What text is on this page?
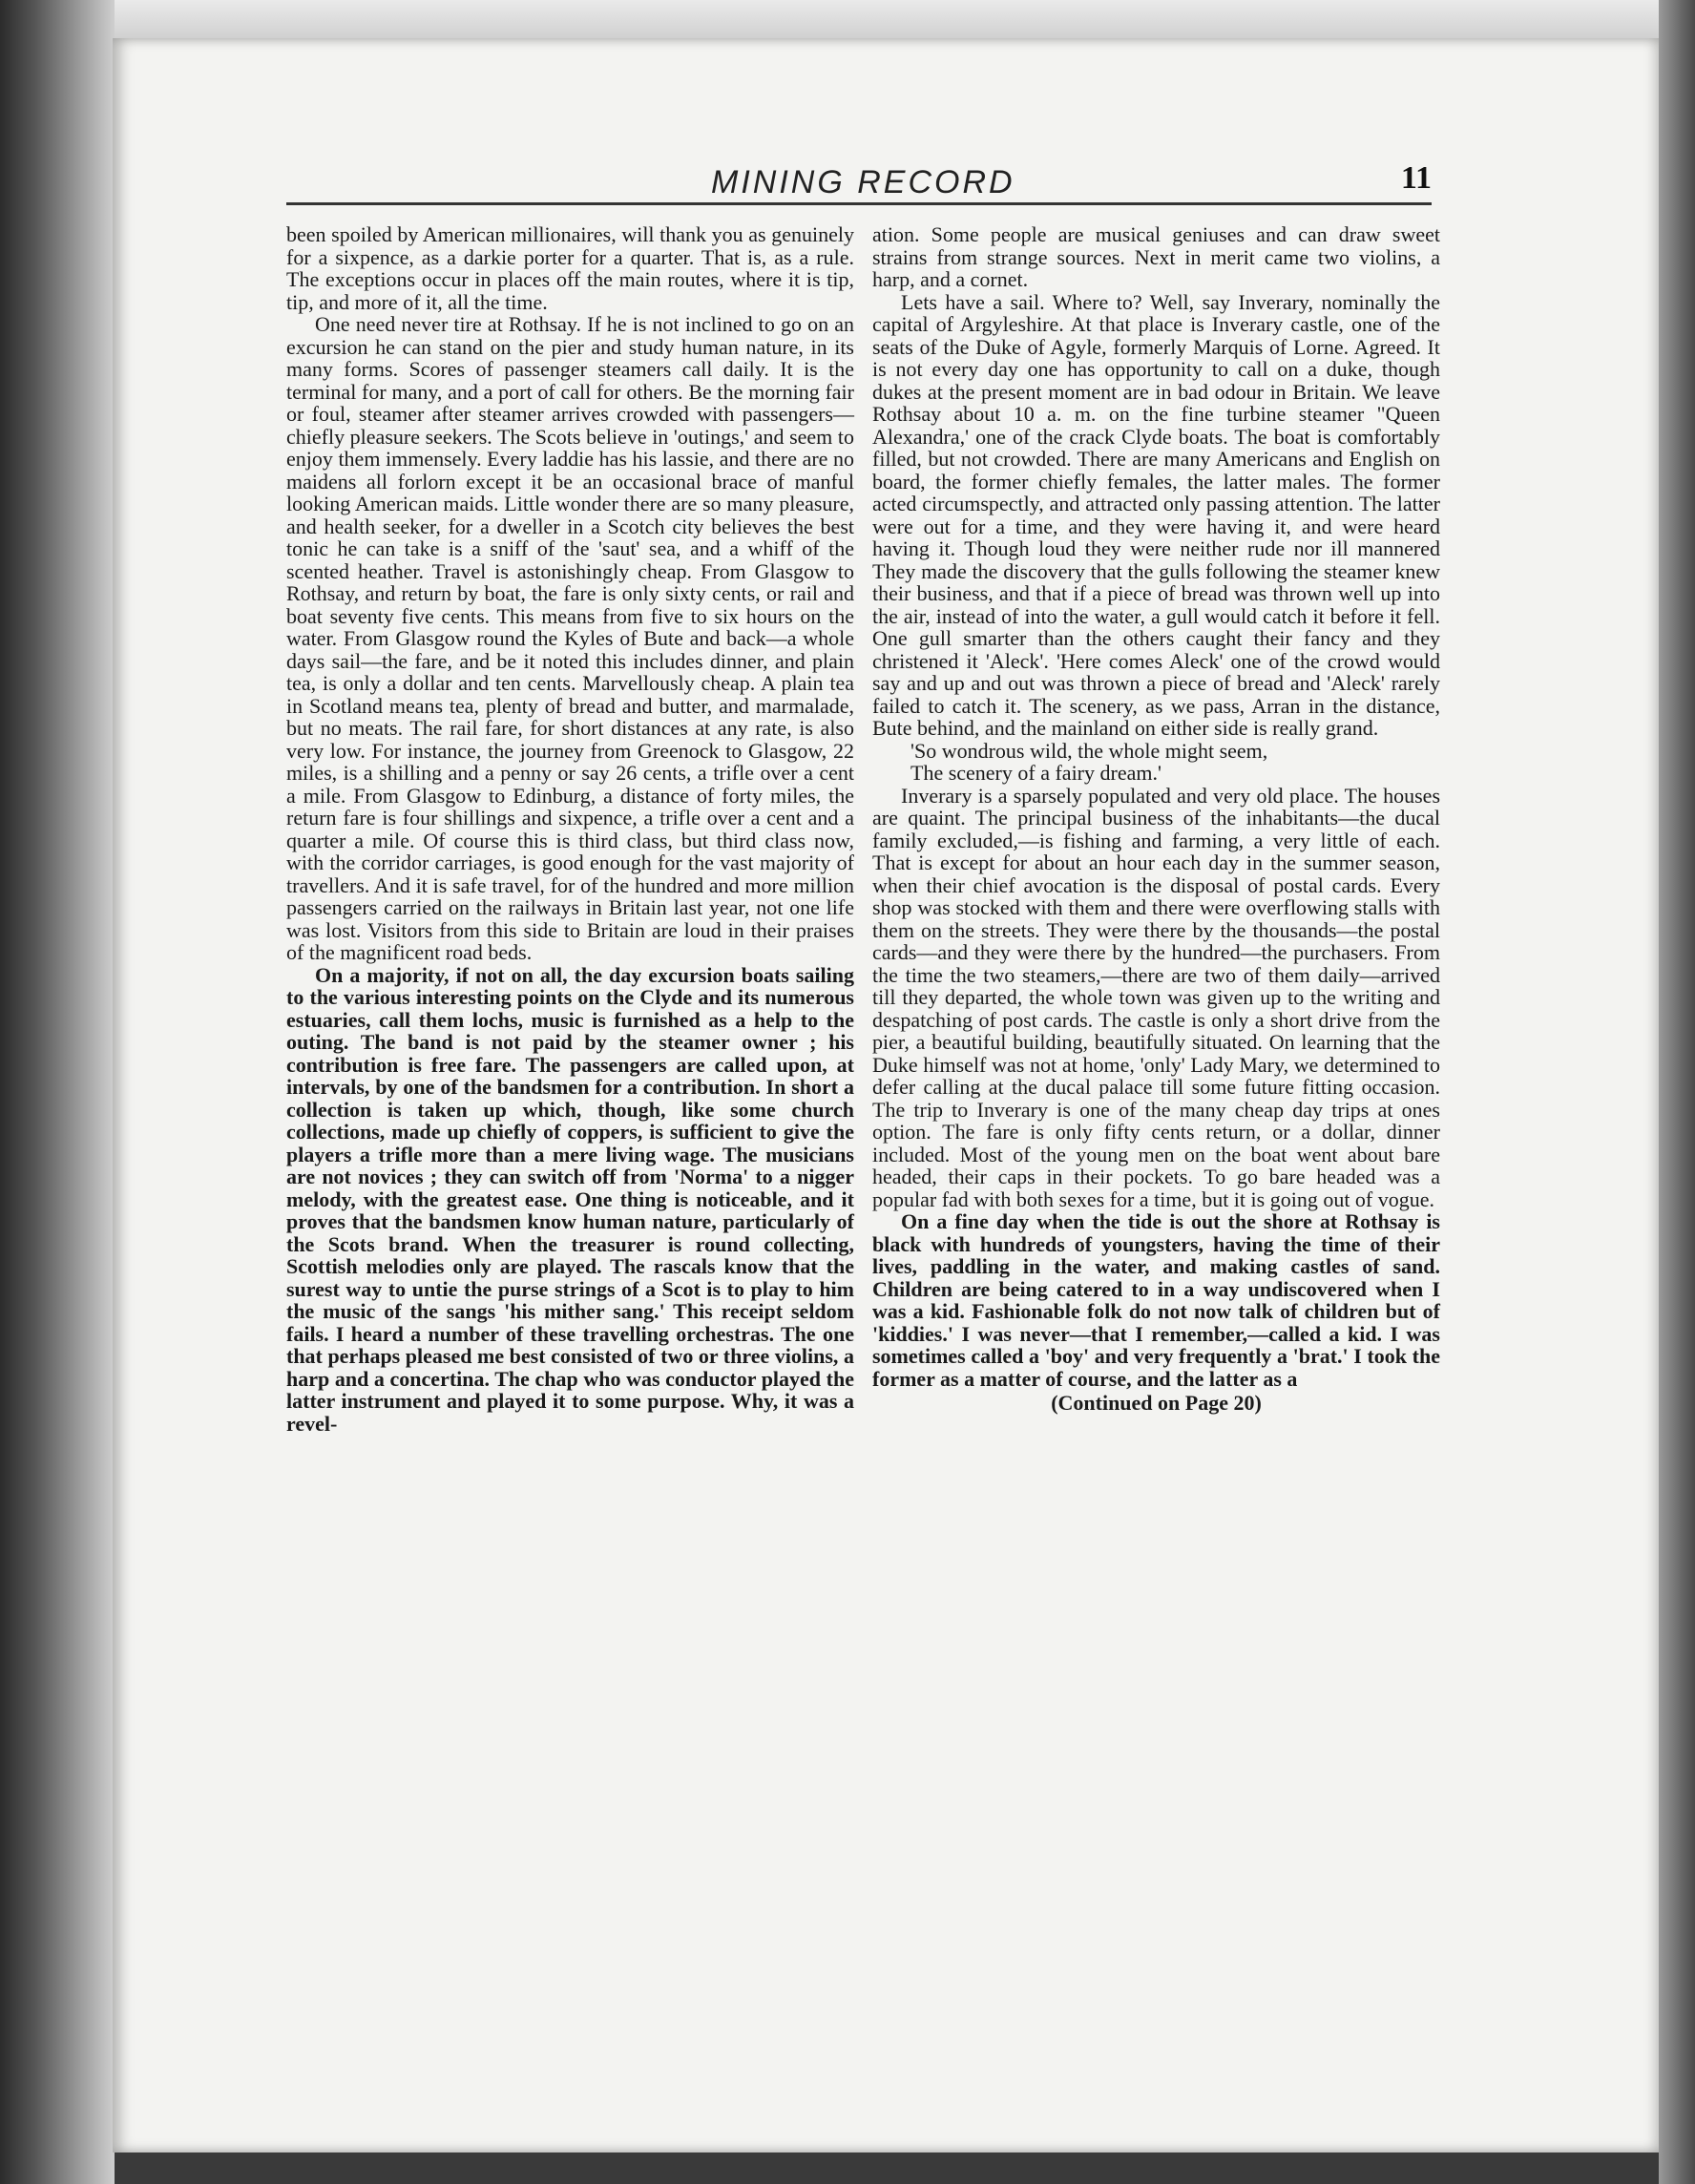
MINING RECORD	11

been spoiled by American millionaires, will thank you as genuinely for a sixpence, as a darkie porter for a quarter. That is, as a rule. The exceptions occur in places off the main routes, where it is tip, tip, and more of it, all the time.

One need never tire at Rothsay. If he is not inclined to go on an excursion he can stand on the pier and study human nature, in its many forms. Scores of passenger steamers call daily. It is the terminal for many, and a port of call for others. Be the morning fair or foul, steamer after steamer arrives crowded with passengers—chiefly pleasure seekers. The Scots believe in 'outings,' and seem to enjoy them immensely. Every laddie has his lassie, and there are no maidens all forlorn except it be an occasional brace of manful looking American maids. Little wonder there are so many pleasure, and health seeker, for a dweller in a Scotch city believes the best tonic he can take is a sniff of the 'saut' sea, and a whiff of the scented heather. Travel is astonishingly cheap. From Glasgow to Rothsay, and return by boat, the fare is only sixty cents, or rail and boat seventy five cents. This means from five to six hours on the water. From Glasgow round the Kyles of Bute and back—a whole days sail—the fare, and be it noted this includes dinner, and plain tea, is only a dollar and ten cents. Marvellously cheap. A plain tea in Scotland means tea, plenty of bread and butter, and marmalade, but no meats. The rail fare, for short distances at any rate, is also very low. For instance, the journey from Greenock to Glasgow, 22 miles, is a shilling and a penny or say 26 cents, a trifle over a cent a mile. From Glasgow to Edinburg, a distance of forty miles, the return fare is four shillings and sixpence, a trifle over a cent and a quarter a mile. Of course this is third class, but third class now, with the corridor carriages, is good enough for the vast majority of travellers. And it is safe travel, for of the hundred and more million passengers carried on the railways in Britain last year, not one life was lost. Visitors from this side to Britain are loud in their praises of the magnificent road beds.

On a majority, if not on all, the day excursion boats sailing to the various interesting points on the Clyde and its numerous estuaries, call them lochs, music is furnished as a help to the outing. The band is not paid by the steamer owner ; his contribution is free fare. The passengers are called upon, at intervals, by one of the bandsmen for a contribution. In short a collection is taken up which, though, like some church collections, made up chiefly of coppers, is sufficient to give the players a trifle more than a mere living wage. The musicians are not novices ; they can switch off from 'Norma' to a nigger melody, with the greatest ease. One thing is noticeable, and it proves that the bandsmen know human nature, particularly of the Scots brand. When the treasurer is round collecting, Scottish melodies only are played. The rascals know that the surest way to untie the purse strings of a Scot is to play to him the music of the sangs 'his mither sang.' This receipt seldom fails. I heard a number of these travelling orchestras. The one that perhaps pleased me best consisted of two or three violins, a harp and a concertina. The chap who was conductor played the latter instrument and played it to some purpose. Why, it was a revel-

ation. Some people are musical geniuses and can draw sweet strains from strange sources. Next in merit came two violins, a harp, and a cornet.

Lets have a sail. Where to? Well, say Inverary, nominally the capital of Argyleshire. At that place is Inverary castle, one of the seats of the Duke of Agyle, formerly Marquis of Lorne. Agreed. It is not every day one has opportunity to call on a duke, though dukes at the present moment are in bad odour in Britain. We leave Rothsay about 10 a. m. on the fine turbine steamer "Queen Alexandra,' one of the crack Clyde boats. The boat is comfortably filled, but not crowded. There are many Americans and English on board, the former chiefly females, the latter males. The former acted circumspectly, and attracted only passing attention. The latter were out for a time, and they were having it, and were heard having it. Though loud they were neither rude nor ill mannered They made the discovery that the gulls following the steamer knew their business, and that if a piece of bread was thrown well up into the air, instead of into the water, a gull would catch it before it fell. One gull smarter than the others caught their fancy and they christened it 'Aleck'. 'Here comes Aleck' one of the crowd would say and up and out was thrown a piece of bread and 'Aleck' rarely failed to catch it. The scenery, as we pass, Arran in the distance, Bute behind, and the mainland on either side is really grand.

'So wondrous wild, the whole might seem,

The scenery of a fairy dream.'

Inverary is a sparsely populated and very old place. The houses are quaint. The principal business of the inhabitants—the ducal family excluded,—is fishing and farming, a very little of each. That is except for about an hour each day in the summer season, when their chief avocation is the disposal of postal cards. Every shop was stocked with them and there were overflowing stalls with them on the streets. They were there by the thousands—the postal cards—and they were there by the hundred—the purchasers. From the time the two steamers,—there are two of them daily—arrived till they departed, the whole town was given up to the writing and despatching of post cards. The castle is only a short drive from the pier, a beautiful building, beautifully situated. On learning that the Duke himself was not at home, 'only' Lady Mary, we determined to defer calling at the ducal palace till some future fitting occasion. The trip to Inverary is one of the many cheap day trips at ones option. The fare is only fifty cents return, or a dollar, dinner included. Most of the young men on the boat went about bare headed, their caps in their pockets. To go bare headed was a popular fad with both sexes for a time, but it is going out of vogue.

On a fine day when the tide is out the shore at Rothsay is black with hundreds of youngsters, having the time of their lives, paddling in the water, and making castles of sand. Children are being catered to in a way undiscovered when I was a kid. Fashionable folk do not now talk of children but of 'kiddies.' I was never—that I remember,—called a kid. I was sometimes called a 'boy' and very frequently a 'brat.' I took the former as a matter of course, and the latter as a

(Continued on Page 20)
